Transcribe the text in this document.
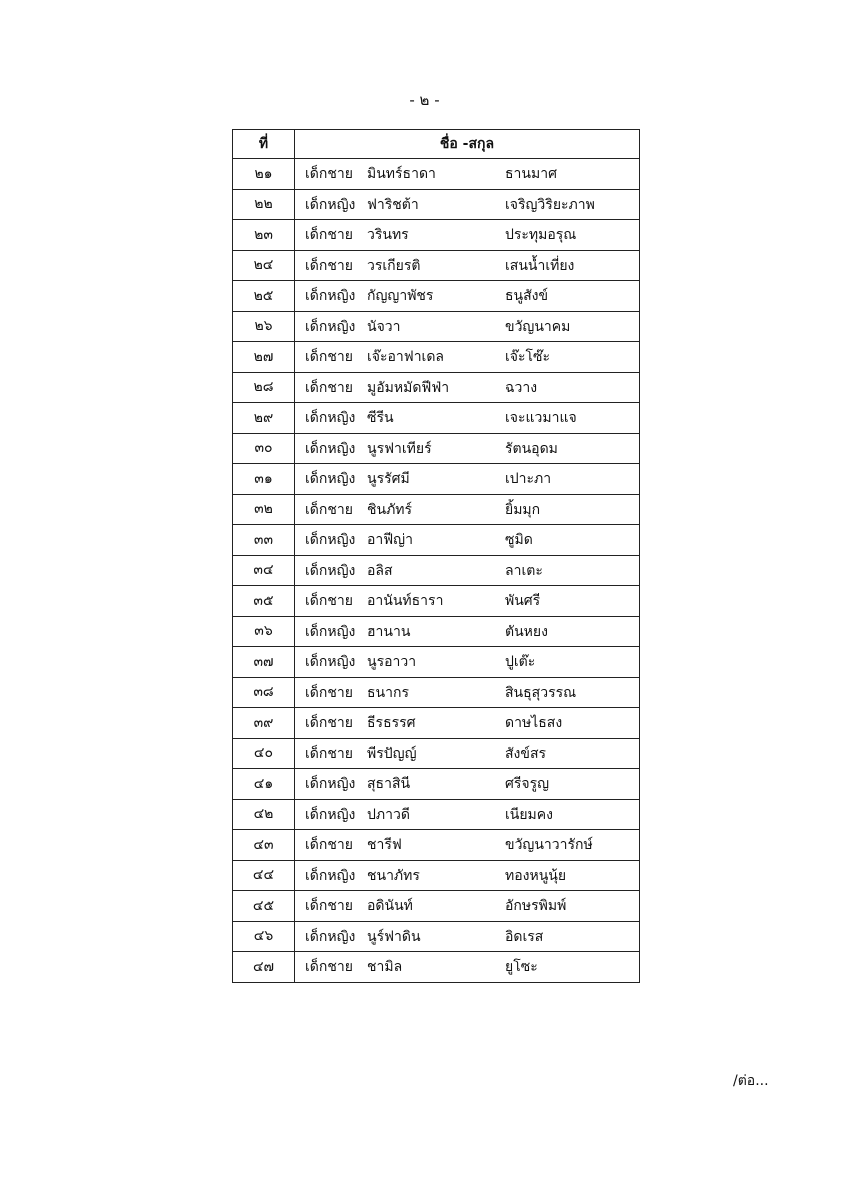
- ๒ -
ที่	ชื่อ -สกุล
๒๑	เด็กชาย มินทร์ธาดา ธานมาศ

๒๒	เด็กหญิง ฟาริชต้า เจริญวิริยะภาพ

๒๓	เด็กชาย วรินทร ประทุมอรุณ

๒๔	เด็กชาย วรเกียรติ เสนน้ำเที่ยง

๒๕	เด็กหญิง กัญญาพัชร ธนูสังข์

๒๖	เด็กหญิง นัจวา ขวัญนาคม

๒๗	เด็กชาย เจ๊ะอาฟาเดล เจ๊ะโซ๊ะ

๒๘	เด็กชาย มูอัมหมัดฟีฟ่า ฉวาง

๒๙	เด็กหญิง ซีรีน เจะแวมาแจ

๓๐	เด็กหญิง นูรฟาเทียร์ รัตนอุดม

๓๑	เด็กหญิง นูรรัศมี เปาะภา

๓๒	เด็กชาย ชินภัทร์ ยิ้มมุก

๓๓	เด็กหญิง อาฟีญ่า ซูมิด

๓๔	เด็กหญิง อลิส ลาเตะ

๓๕	เด็กชาย อานันท์ธารา พันศรี

๓๖	เด็กหญิง ฮานาน ตันหยง

๓๗	เด็กหญิง นูรอาวา ปูเต๊ะ

๓๘	เด็กชาย ธนากร สินธุสุวรรณ

๓๙	เด็กชาย ธีรธรรศ ดาษไธสง

๔๐	เด็กชาย พีรปัญญ์ สังข์สร

๔๑	เด็กหญิง สุธาสินี ศรีจรูญ

๔๒	เด็กหญิง ปภาวดี เนียมคง

๔๓	เด็กชาย ชารีฟ ขวัญนาวารักษ์

๔๔	เด็กหญิง ชนาภัทร ทองหนูนุ้ย

๔๕	เด็กชาย อดินันท์ อักษรพิมพ์

๔๖	เด็กหญิง นูร์ฟาดิน อิดเรส

๔๗	เด็กชาย ชามิล ยูโซะ
/ต่อ...
